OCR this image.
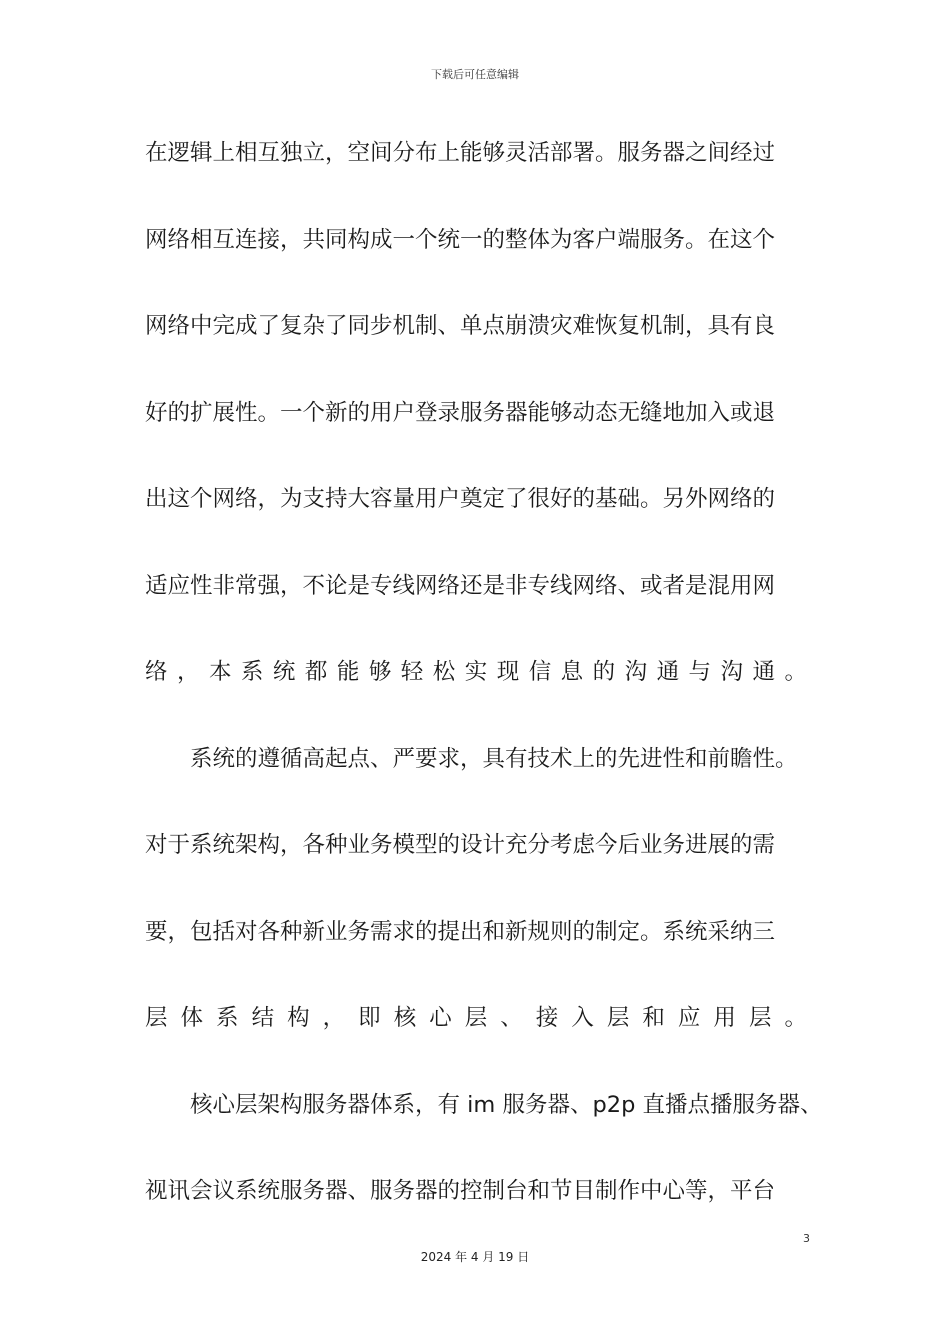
下载后可任意编辑
在逻辑上相互独立，空间分布上能够灵活部署。服务器之间经过
网络相互连接，共同构成一个统一的整体为客户端服务。在这个
网络中完成了复杂了同步机制、单点崩溃灾难恢复机制，具有良
好的扩展性。一个新的用户登录服务器能够动态无缝地加入或退
出这个网络，为支持大容量用户奠定了很好的基础。另外网络的
适应性非常强，不论是专线网络还是非专线网络、或者是混用网
络，本系统都能够轻松实现信息的沟通与沟通。
系统的遵循高起点、严要求，具有技术上的先进性和前瞻性。
对于系统架构，各种业务模型的设计充分考虑今后业务进展的需
要，包括对各种新业务需求的提出和新规则的制定。系统采纳三
层体系结构，即核心层、接入层和应用层。
核心层架构服务器体系，有 im 服务器、p2p 直播点播服务器、
视讯会议系统服务器、服务器的控制台和节目制作中心等，平台
3
2024 年 4 月 19 日
